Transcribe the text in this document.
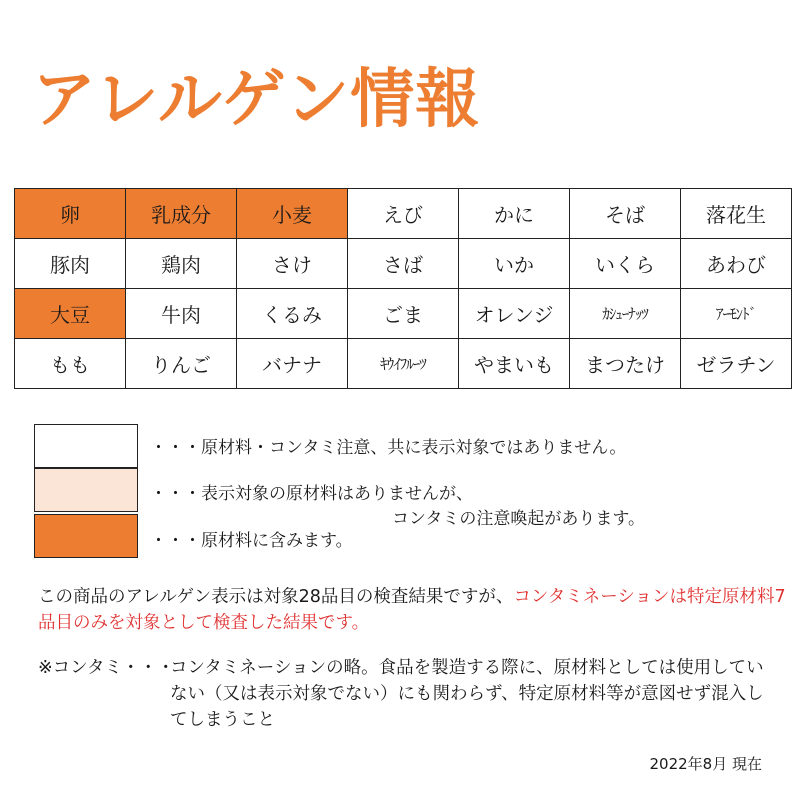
アレルゲン情報
卵	乳成分	小麦	えび	かに	そば	落花生
豚肉	鶏肉	さけ	さば	いか	いくら	あわび
大豆	牛肉	くるみ	ごま	オレンジ	ｶｼｭｰﾅｯﾂ	ｱｰﾓﾝﾄﾞ
もも	りんご	バナナ	ｷｳｲﾌﾙｰﾂ	やまいも	まつたけ	ゼラチン
・・・原材料・コンタミ注意、共に表示対象ではありません。
・・・表示対象の原材料はありませんが、
コンタミの注意喚起があります。
・・・原材料に含みます。
この商品のアレルゲン表示は対象28品目の検査結果ですが、コンタミネーションは特定原材料7品目のみを対象として検査した結果です。
※コンタミ・・・
コンタミネーションの略。食品を製造する際に、原材料としては使用していない（又は表示対象でない）にも関わらず、特定原材料等が意図せず混入してしまうこと
2022年8月 現在
